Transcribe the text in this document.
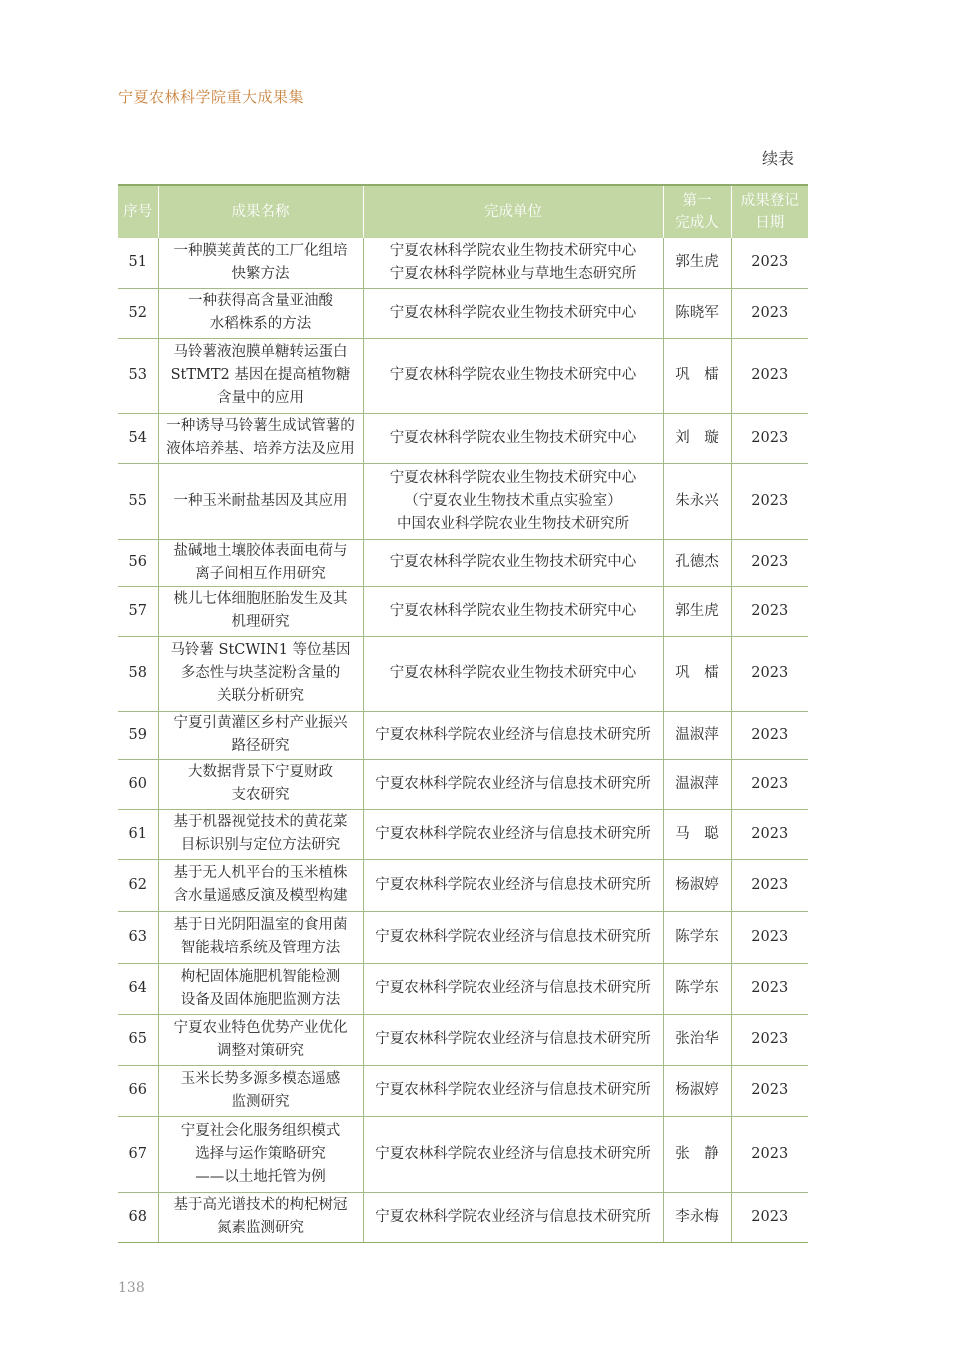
宁夏农林科学院重大成果集
续表
序号	成果名称	完成单位	第一
完成人	成果登记
日期

51	一种膜荚黄芪的工厂化组培
快繁方法	宁夏农林科学院农业生物技术研究中心
宁夏农林科学院林业与草地生态研究所	郭生虎	2023
52	一种获得高含量亚油酸
水稻株系的方法	宁夏农林科学院农业生物技术研究中心	陈晓军	2023
53	马铃薯液泡膜单糖转运蛋白
StTMT2 基因在提高植物糖
含量中的应用	宁夏农林科学院农业生物技术研究中心	巩　檑	2023
54	一种诱导马铃薯生成试管薯的
液体培养基、培养方法及应用	宁夏农林科学院农业生物技术研究中心	刘　璇	2023
55	一种玉米耐盐基因及其应用	宁夏农林科学院农业生物技术研究中心
（宁夏农业生物技术重点实验室）
中国农业科学院农业生物技术研究所	朱永兴	2023
56	盐碱地土壤胶体表面电荷与
离子间相互作用研究	宁夏农林科学院农业生物技术研究中心	孔德杰	2023
57	桃儿七体细胞胚胎发生及其
机理研究	宁夏农林科学院农业生物技术研究中心	郭生虎	2023
58	马铃薯 StCWIN1 等位基因
多态性与块茎淀粉含量的
关联分析研究	宁夏农林科学院农业生物技术研究中心	巩　檑	2023
59	宁夏引黄灌区乡村产业振兴
路径研究	宁夏农林科学院农业经济与信息技术研究所	温淑萍	2023
60	大数据背景下宁夏财政
支农研究	宁夏农林科学院农业经济与信息技术研究所	温淑萍	2023
61	基于机器视觉技术的黄花菜
目标识别与定位方法研究	宁夏农林科学院农业经济与信息技术研究所	马　聪	2023
62	基于无人机平台的玉米植株
含水量遥感反演及模型构建	宁夏农林科学院农业经济与信息技术研究所	杨淑婷	2023
63	基于日光阴阳温室的食用菌
智能栽培系统及管理方法	宁夏农林科学院农业经济与信息技术研究所	陈学东	2023
64	枸杞固体施肥机智能检测
设备及固体施肥监测方法	宁夏农林科学院农业经济与信息技术研究所	陈学东	2023
65	宁夏农业特色优势产业优化
调整对策研究	宁夏农林科学院农业经济与信息技术研究所	张治华	2023
66	玉米长势多源多模态遥感
监测研究	宁夏农林科学院农业经济与信息技术研究所	杨淑婷	2023
67	宁夏社会化服务组织模式
选择与运作策略研究
——以土地托管为例	宁夏农林科学院农业经济与信息技术研究所	张　静	2023
68	基于高光谱技术的枸杞树冠
氮素监测研究	宁夏农林科学院农业经济与信息技术研究所	李永梅	2023
138
